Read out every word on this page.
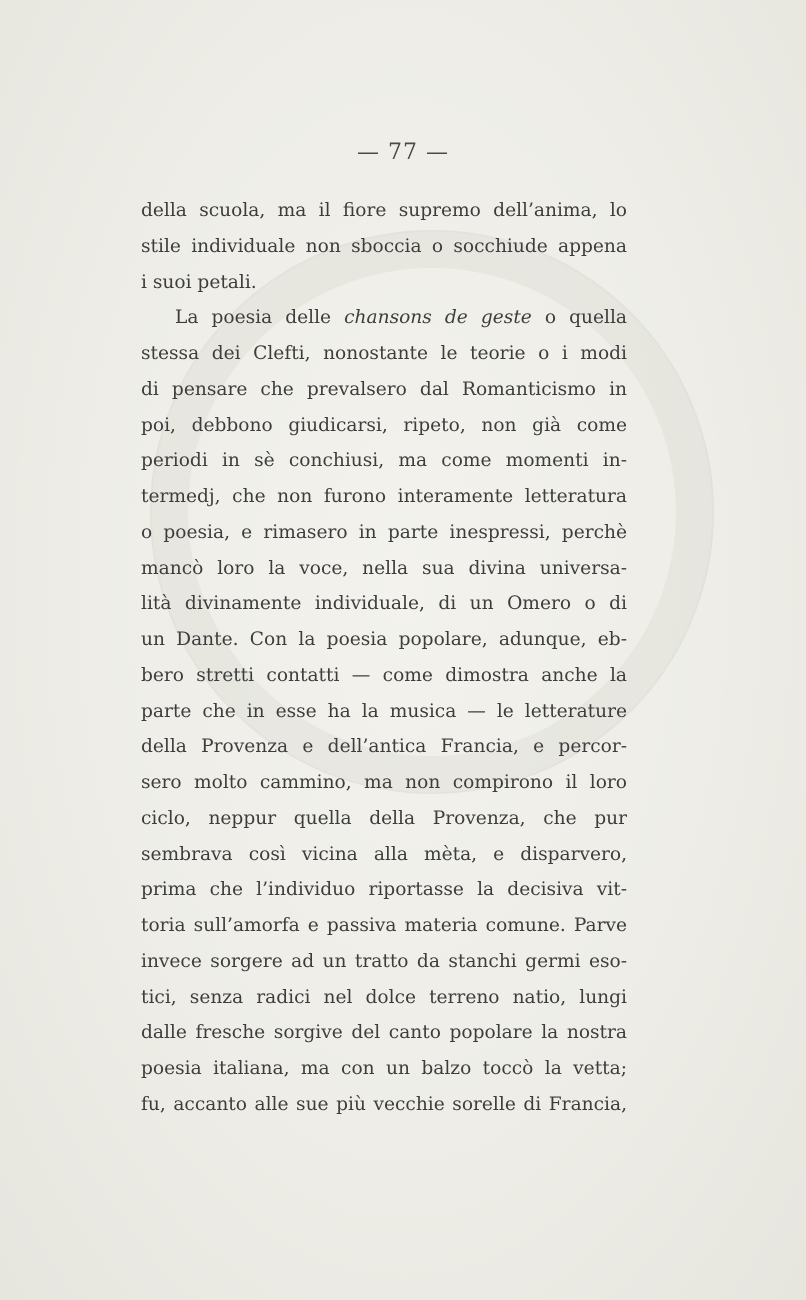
— 77 —
della scuola, ma il fiore supremo dell’anima, lo
stile individuale non sboccia o socchiude appena
i suoi petali.
La poesia delle chansons de geste o quella
stessa dei Clefti, nonostante le teorie o i modi
di pensare che prevalsero dal Romanticismo in
poi, debbono giudicarsi, ripeto, non già come
periodi in sè conchiusi, ma come momenti in-
termedj, che non furono interamente letteratura
o poesia, e rimasero in parte inespressi, perchè
mancò loro la voce, nella sua divina universa-
lità divinamente individuale, di un Omero o di
un Dante. Con la poesia popolare, adunque, eb-
bero stretti contatti — come dimostra anche la
parte che in esse ha la musica — le letterature
della Provenza e dell’antica Francia, e percor-
sero molto cammino, ma non compirono il loro
ciclo, neppur quella della Provenza, che pur
sembrava così vicina alla mèta, e disparvero,
prima che l’individuo riportasse la decisiva vit-
toria sull’amorfa e passiva materia comune. Parve
invece sorgere ad un tratto da stanchi germi eso-
tici, senza radici nel dolce terreno natio, lungi
dalle fresche sorgive del canto popolare la nostra
poesia italiana, ma con un balzo toccò la vetta;
fu, accanto alle sue più vecchie sorelle di Francia,
